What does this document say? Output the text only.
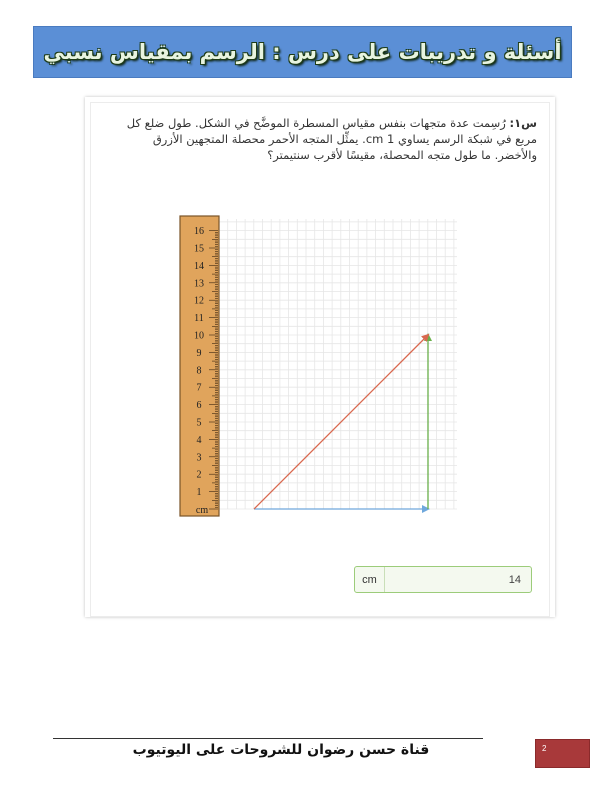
أسئلة و تدريبات على درس : الرسم بمقياس نسبي
س١: رُسِمت عدة متجهات بنفس مقياس المسطرة الموضَّح في الشكل. طول ضلع كل مربع في شبكة الرسم يساوي 1 cm. يمثِّل المتجه الأحمر محصلة المتجهين الأزرق والأخضر. ما طول متجه المحصلة، مقيسًا لأقرب سنتيمتر؟
1
2
3
4
5
6
7
8
9
10
11
12
13
14
15
16
cm
cm	14
قناة حسن رضوان للشروحات على اليوتيوب	2
